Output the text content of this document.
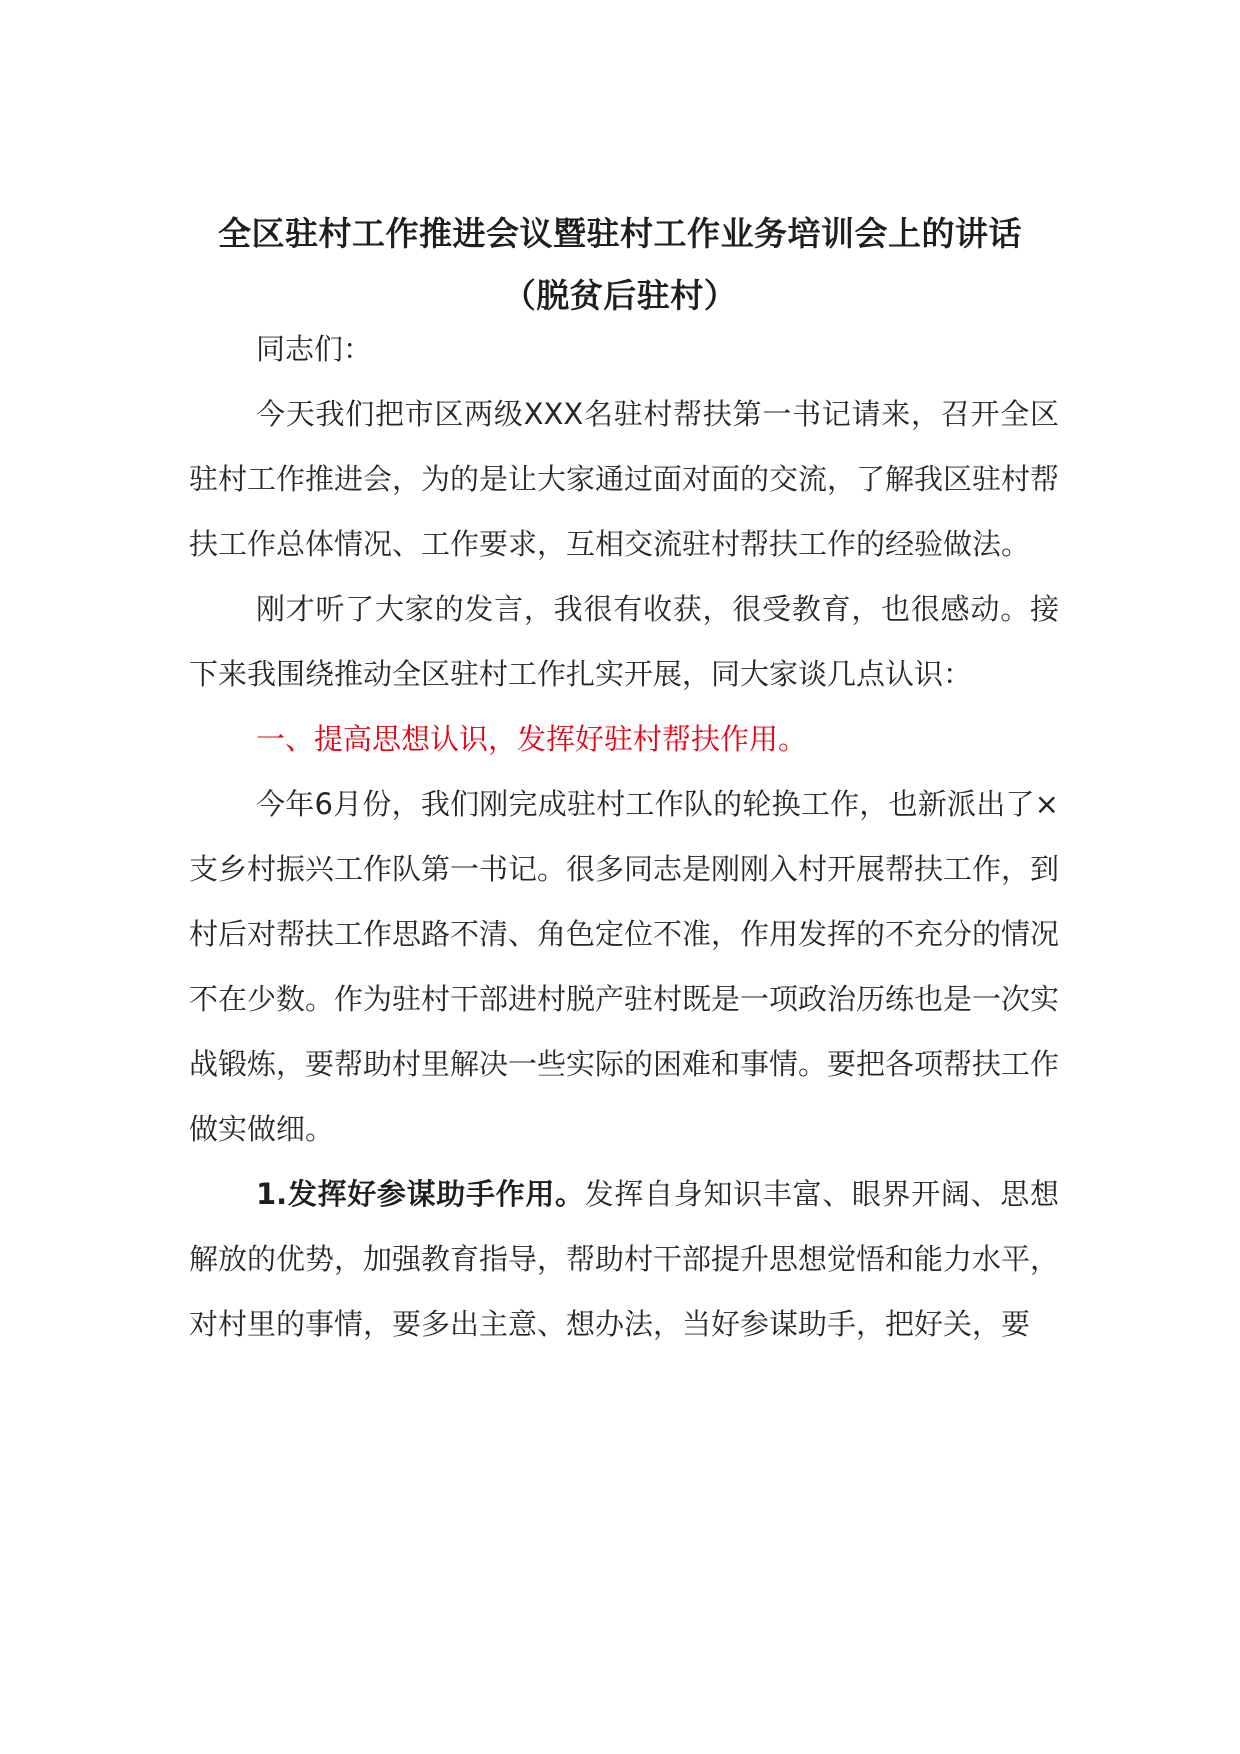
全区驻村工作推进会议暨驻村工作业务培训会上的讲话
（脱贫后驻村）

同志们：

今天我们把市区两级XXX名驻村帮扶第一书记请来，召开全区驻村工作推进会，为的是让大家通过面对面的交流，了解我区驻村帮扶工作总体情况、工作要求，互相交流驻村帮扶工作的经验做法。

刚才听了大家的发言，我很有收获，很受教育，也很感动。接下来我围绕推动全区驻村工作扎实开展，同大家谈几点认识：

一、提高思想认识，发挥好驻村帮扶作用。

今年6月份，我们刚完成驻村工作队的轮换工作，也新派出了×支乡村振兴工作队第一书记。很多同志是刚刚入村开展帮扶工作，到村后对帮扶工作思路不清、角色定位不准，作用发挥的不充分的情况不在少数。作为驻村干部进村脱产驻村既是一项政治历练也是一次实战锻炼，要帮助村里解决一些实际的困难和事情。要把各项帮扶工作做实做细。

1.发挥好参谋助手作用。发挥自身知识丰富、眼界开阔、思想解放的优势，加强教育指导，帮助村干部提升思想觉悟和能力水平，对村里的事情，要多出主意、想办法，当好参谋助手，把好关，要
